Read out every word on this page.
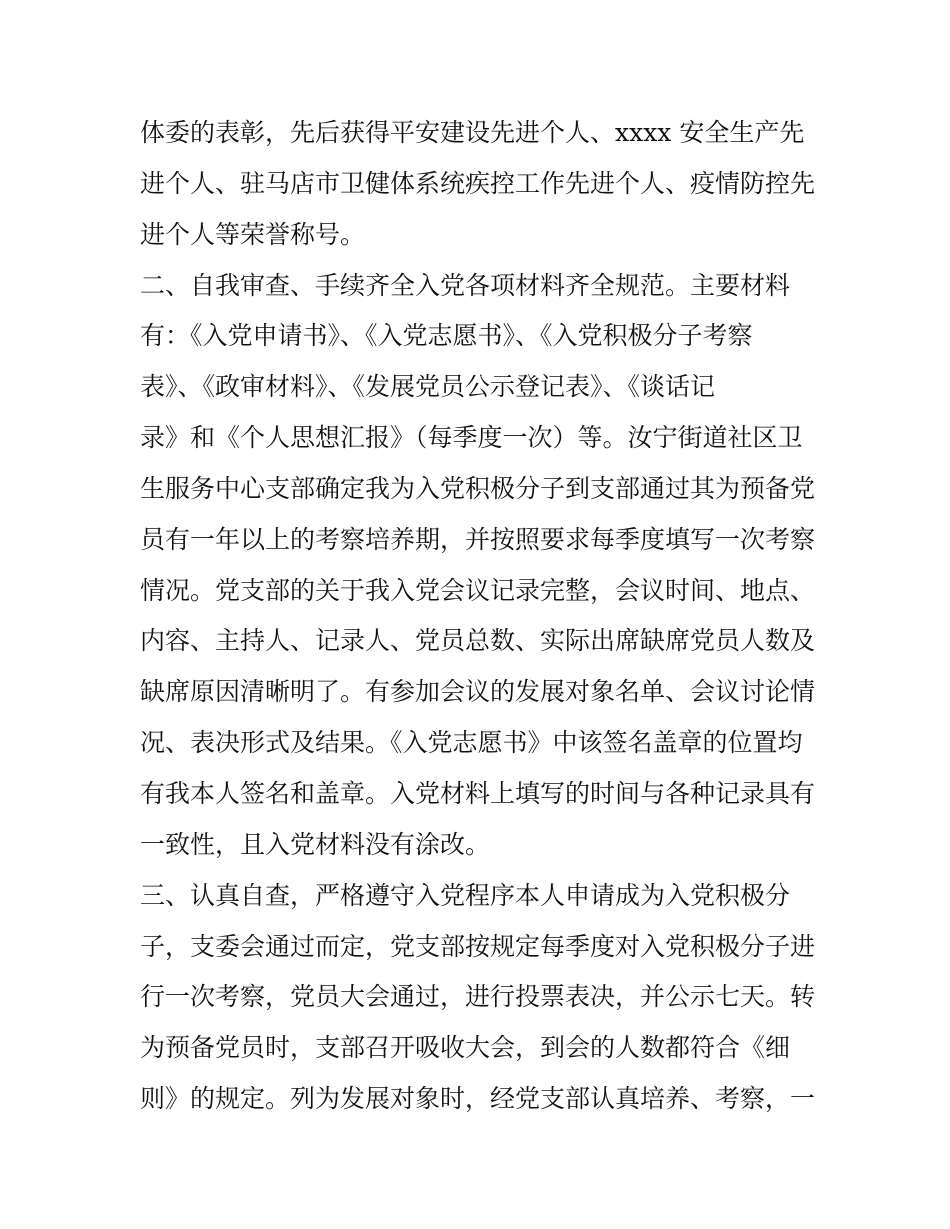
体委的表彰，先后获得平安建设先进个人、xxxx 安全生产先
进个人、驻马店市卫健体系统疾控工作先进个人、疫情防控先
进个人等荣誉称号。
二、自我审查、手续齐全入党各项材料齐全规范。主要材料
有：《入党申请书》、《入党志愿书》、《入党积极分子考察
表》、《政审材料》、《发展党员公示登记表》、《谈话记
录》和《个人思想汇报》（每季度一次）等。汝宁街道社区卫
生服务中心支部确定我为入党积极分子到支部通过其为预备党
员有一年以上的考察培养期，并按照要求每季度填写一次考察
情况。党支部的关于我入党会议记录完整，会议时间、地点、
内容、主持人、记录人、党员总数、实际出席缺席党员人数及
缺席原因清晰明了。有参加会议的发展对象名单、会议讨论情
况、表决形式及结果。《入党志愿书》中该签名盖章的位置均
有我本人签名和盖章。入党材料上填写的时间与各种记录具有
一致性，且入党材料没有涂改。
三、认真自查，严格遵守入党程序本人申请成为入党积极分
子，支委会通过而定，党支部按规定每季度对入党积极分子进
行一次考察，党员大会通过，进行投票表决，并公示七天。转
为预备党员时，支部召开吸收大会，到会的人数都符合《细
则》的规定。列为发展对象时，经党支部认真培养、考察，一
